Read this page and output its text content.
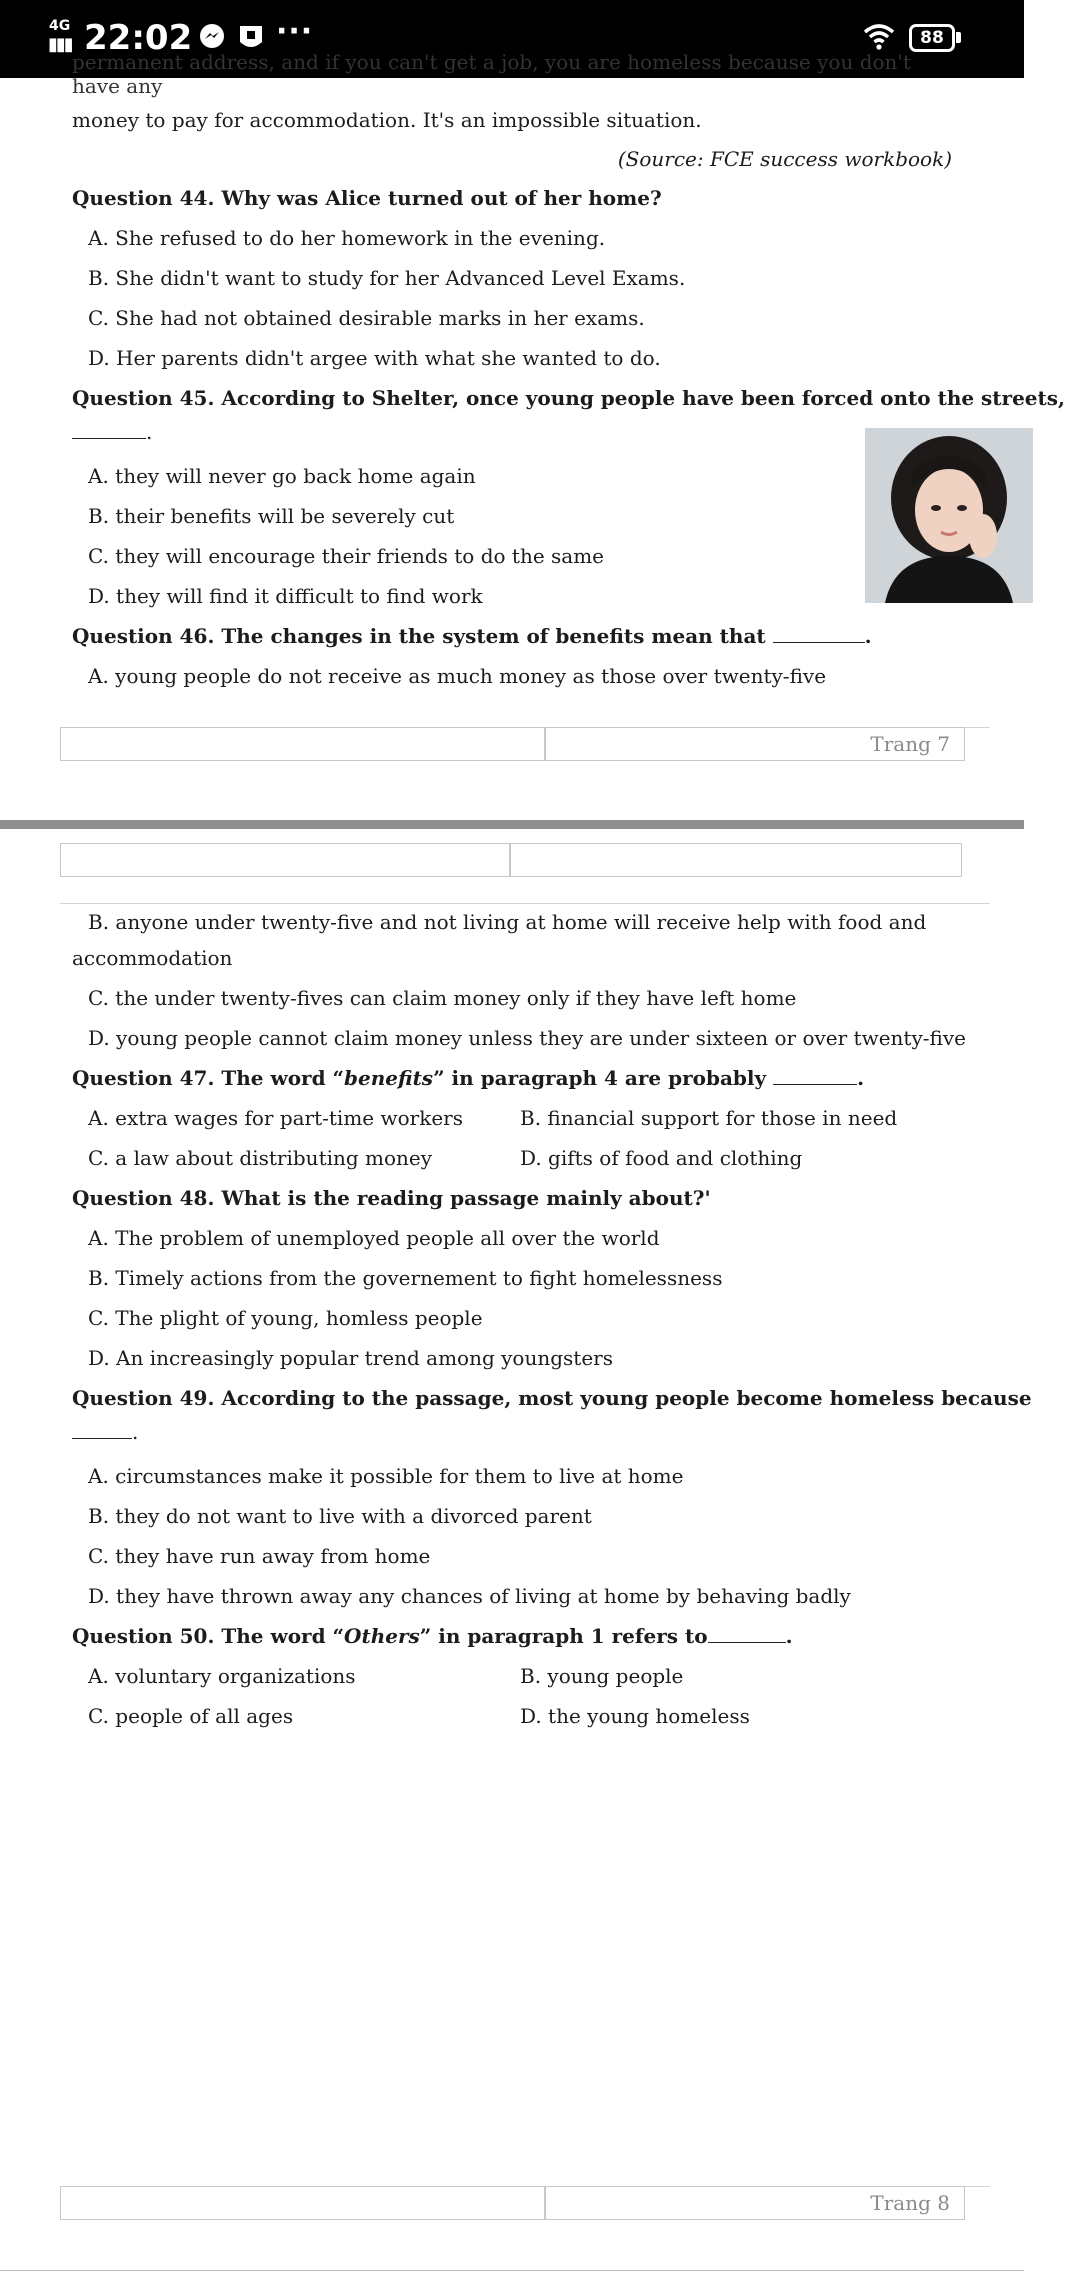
4G
▮▮▮ 22:02	···	88
permanent address, and if you can't get a job, you are homeless because you don't have any
money to pay for accommodation. It's an impossible situation.
(Source: FCE success workbook)
Question 44. Why was Alice turned out of her home?
A. She refused to do her homework in the evening.
B. She didn't want to study for her Advanced Level Exams.
C. She had not obtained desirable marks in her exams.
D. Her parents didn't argee with what she wanted to do.
Question 45. According to Shelter, once young people have been forced onto the streets,
.
A. they will never go back home again
B. their benefits will be severely cut
C. they will encourage their friends to do the same
D. they will find it difficult to find work
Question 46. The changes in the system of benefits mean that	.
A. young people do not receive as much money as those over twenty-five
Trang 7
B. anyone under twenty-five and not living at home will receive help with food and
accommodation
C. the under twenty-fives can claim money only if they have left home
D. young people cannot claim money unless they are under sixteen or over twenty-five
Question 47. The word “benefits” in paragraph 4 are probably	.
A. extra wages for part-time workers	B. financial support for those in need
C. a law about distributing money	D. gifts of food and clothing
Question 48. What is the reading passage mainly about?'
A. The problem of unemployed people all over the world
B. Timely actions from the governement to fight homelessness
C. The plight of young, homless people
D. An increasingly popular trend among youngsters
Question 49. According to the passage, most young people become homeless because
.
A. circumstances make it possible for them to live at home
B. they do not want to live with a divorced parent
C. they have run away from home
D. they have thrown away any chances of living at home by behaving badly
Question 50. The word “Others” in paragraph 1 refers to	.
A. voluntary organizations	B. young people
C. people of all ages	D. the young homeless
Trang 8
